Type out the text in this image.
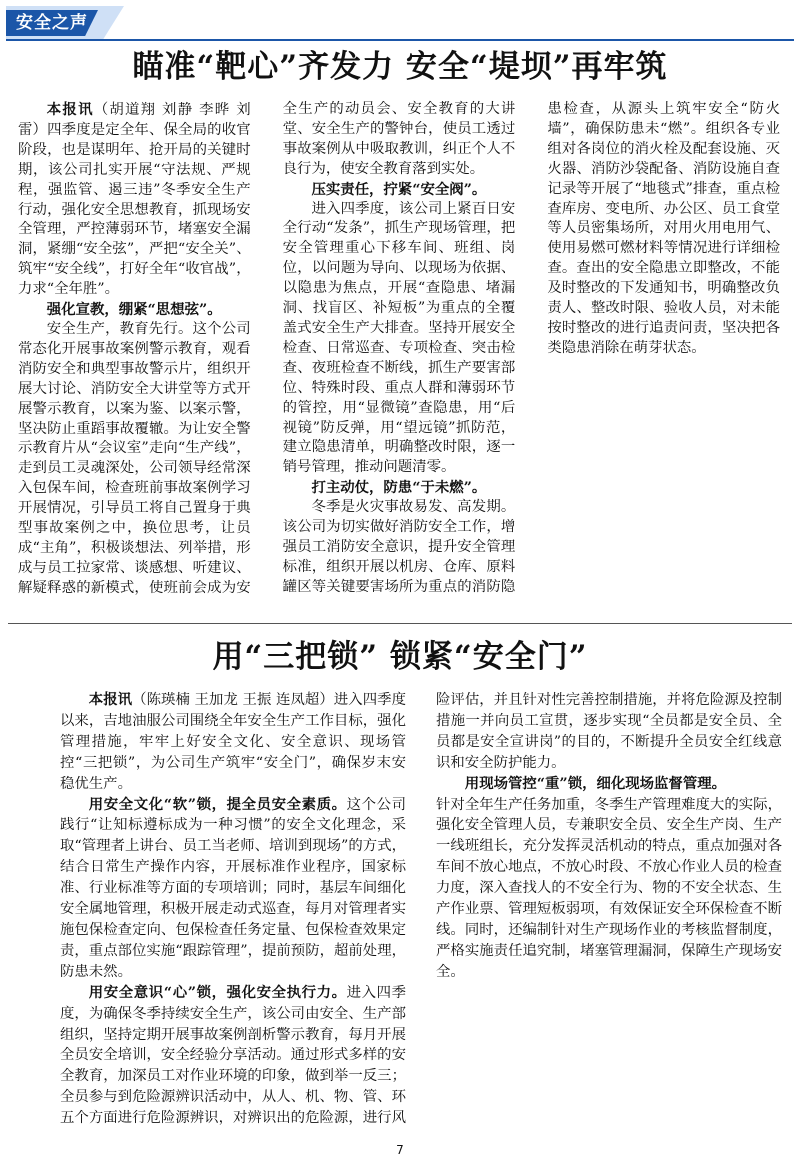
安全之声
瞄准“靶心”齐发力 安全“堤坝”再牢筑

本报讯（胡道翔 刘静 李晔 刘雷）四季度是定全年、保全局的收官阶段，也是谋明年、抢开局的关键时期，该公司扎实开展“守法规、严规程，强监管、遏三违”冬季安全生产行动，强化安全思想教育，抓现场安全管理，严控薄弱环节，堵塞安全漏洞，紧绷“安全弦”，严把“安全关”、筑牢“安全线”，打好全年“收官战”，力求“全年胜”。

强化宣教，绷紧“思想弦”。

安全生产，教育先行。这个公司常态化开展事故案例警示教育，观看消防安全和典型事故警示片，组织开展大讨论、消防安全大讲堂等方式开展警示教育，以案为鉴、以案示警，坚决防止重蹈事故覆辙。为让安全警示教育片从“会议室”走向“生产线”，走到员工灵魂深处，公司领导经常深入包保车间，检查班前事故案例学习开展情况，引导员工将自己置身于典型事故案例之中，换位思考，让员成“主角”，积极谈想法、列举措，形成与员工拉家常、谈感想、听建议、解疑释惑的新模式，使班前会成为安全生产的动员会、安全教育的大讲堂、安全生产的警钟台，使员工透过事故案例从中吸取教训，纠正个人不良行为，使安全教育落到实处。

压实责任，拧紧“安全阀”。

进入四季度，该公司上紧百日安全行动“发条”，抓生产现场管理，把安全管理重心下移车间、班组、岗位，以问题为导向、以现场为依据、以隐患为焦点，开展“查隐患、堵漏洞、找盲区、补短板”为重点的全覆盖式安全生产大排查。坚持开展安全检查、日常巡查、专项检查、突击检查、夜班检查不断线，抓生产要害部位、特殊时段、重点人群和薄弱环节的管控，用“显微镜”查隐患，用“后视镜”防反弹，用“望远镜”抓防范，建立隐患清单，明确整改时限，逐一销号管理，推动问题清零。

打主动仗，防患“于未燃”。

冬季是火灾事故易发、高发期。该公司为切实做好消防安全工作，增强员工消防安全意识，提升安全管理标准，组织开展以机房、仓库、原料罐区等关键要害场所为重点的消防隐患检查，从源头上筑牢安全“防火墙”，确保防患未“燃”。组织各专业组对各岗位的消火栓及配套设施、灭火器、消防沙袋配备、消防设施自查记录等开展了“地毯式”排查，重点检查库房、变电所、办公区、员工食堂等人员密集场所，对用火用电用气、使用易燃可燃材料等情况进行详细检查。查出的安全隐患立即整改，不能及时整改的下发通知书，明确整改负责人、整改时限、验收人员，对未能按时整改的进行追责问责，坚决把各类隐患消除在萌芽状态。

用“三把锁” 锁紧“安全门”

本报讯（陈瑛楠 王加龙 王振 连凤超）进入四季度以来，吉地油服公司围绕全年安全生产工作目标，强化管理措施，牢牢上好安全文化、安全意识、现场管控“三把锁”，为公司生产筑牢“安全门”，确保岁末安稳优生产。

用安全文化“软”锁，提全员安全素质。这个公司践行“让知标遵标成为一种习惯”的安全文化理念，采取“管理者上讲台、员工当老师、培训到现场”的方式，结合日常生产操作内容，开展标准作业程序，国家标准、行业标准等方面的专项培训；同时，基层车间细化安全属地管理，积极开展走动式巡查，每月对管理者实施包保检查定向、包保检查任务定量、包保检查效果定责，重点部位实施“跟踪管理”，提前预防，超前处理，防患未然。

用安全意识“心”锁，强化安全执行力。进入四季度，为确保冬季持续安全生产，该公司由安全、生产部组织，坚持定期开展事故案例剖析警示教育，每月开展全员安全培训，安全经验分享活动。通过形式多样的安全教育，加深员工对作业环境的印象，做到举一反三；全员参与到危险源辨识活动中，从人、机、物、管、环五个方面进行危险源辨识，对辨识出的危险源，进行风险评估，并且针对性完善控制措施，并将危险源及控制措施一并向员工宣贯，逐步实现“全员都是安全员、全员都是安全宣讲岗”的目的，不断提升全员安全红线意识和安全防护能力。

用现场管控“重”锁，细化现场监督管理。

针对全年生产任务加重，冬季生产管理难度大的实际，强化安全管理人员，专兼职安全员、安全生产岗、生产一线班组长，充分发挥灵活机动的特点，重点加强对各车间不放心地点，不放心时段、不放心作业人员的检查力度，深入查找人的不安全行为、物的不安全状态、生产作业票、管理短板弱项，有效保证安全环保检查不断线。同时，还编制针对生产现场作业的考核监督制度，严格实施责任追究制，堵塞管理漏洞，保障生产现场安全。

7
